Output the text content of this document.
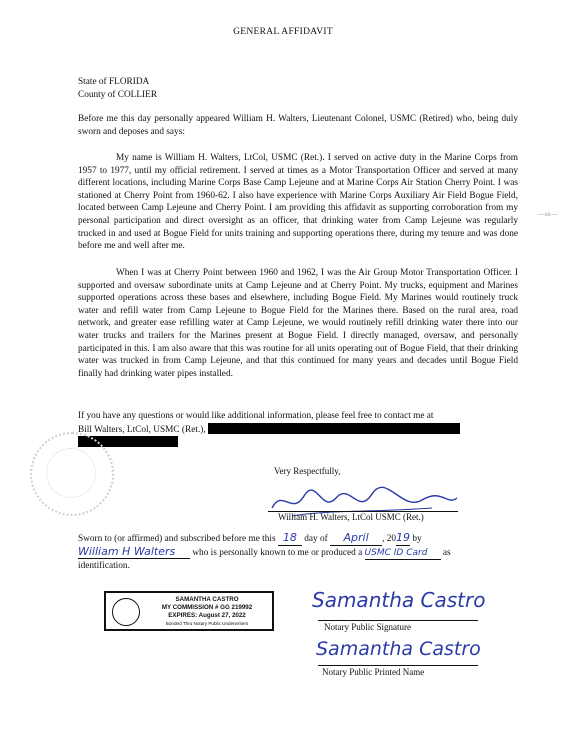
GENERAL AFFIDAVIT
State of FLORIDA
County of COLLIER
Before me this day personally appeared William H. Walters, Lieutenant Colonel, USMC (Retired) who, being duly sworn and deposes and says:
My name is William H. Walters, LtCol, USMC (Ret.). I served on active duty in the Marine Corps from 1957 to 1977, until my official retirement. I served at times as a Motor Transportation Officer and served at many different locations, including Marine Corps Base Camp Lejeune and at Marine Corps Air Station Cherry Point. I was stationed at Cherry Point from 1960-62. I also have experience with Marine Corps Auxiliary Air Field Bogue Field, located between Camp Lejeune and Cherry Point. I am providing this affidavit as supporting corroboration from my personal participation and direct oversight as an officer, that drinking water from Camp Lejeune was regularly trucked in and used at Bogue Field for units training and supporting operations there, during my tenure and was done before me and well after me.
When I was at Cherry Point between 1960 and 1962, I was the Air Group Motor Transportation Officer. I supported and oversaw subordinate units at Camp Lejeune and at Cherry Point. My trucks, equipment and Marines supported operations across these bases and elsewhere, including Bogue Field. My Marines would routinely truck water and refill water from Camp Lejeune to Bogue Field for the Marines there. Based on the rural area, road network, and greater ease refilling water at Camp Lejeune, we would routinely refill drinking water there into our water trucks and trailers for the Marines present at Bogue Field. I directly managed, oversaw, and personally participated in this. I am also aware that this was routine for all units operating out of Bogue Field, that their drinking water was trucked in from Camp Lejeune, and that this continued for many years and decades until Bogue Field finally had drinking water pipes installed.
If you have any questions or would like additional information, please feel free to contact me at
Bill Walters, LtCol, USMC (Ret.),
Very Respectfully,
William H. Walters, LtCol USMC (Ret.)
Sworn to (or affirmed) and subscribed before me this 18 day of April , 2019 by
William H Walters who is personally known to me or produced a USMC ID Card as
identification.
SAMANTHA CASTRO
MY COMMISSION # GG 219992
EXPIRES: August 27, 2022
Bonded Thru Notary Public Underwriters
Samantha Castro
Notary Public Signature
Samantha Castro
Notary Public Printed Name
—ss—
